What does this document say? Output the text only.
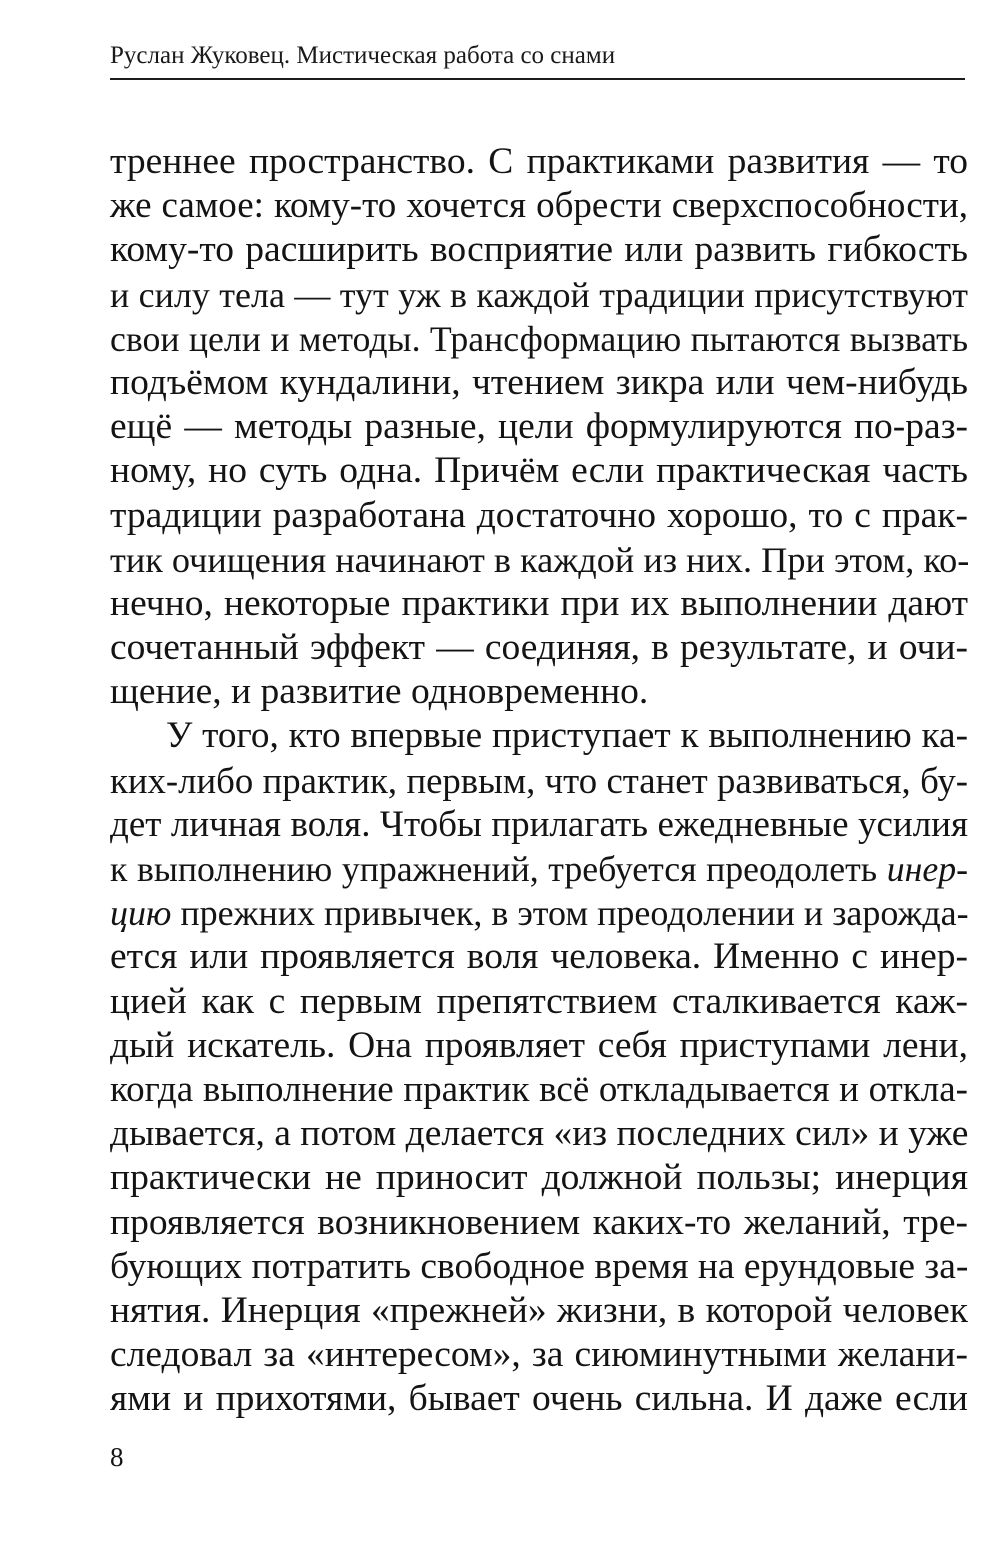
Руслан Жуковец. Мистическая работа со снами
треннее пространство. С практиками развития — то
же самое: кому-то хочется обрести сверхспособности,
кому-то расширить восприятие или развить гибкость
и силу тела — тут уж в каждой традиции присутствуют
свои цели и методы. Трансформацию пытаются вызвать
подъёмом кундалини, чтением зикра или чем-нибудь
ещё — методы разные, цели формулируются по-раз-
ному, но суть одна. Причём если практическая часть
традиции разработана достаточно хорошо, то с прак-
тик очищения начинают в каждой из них. При этом, ко-
нечно, некоторые практики при их выполнении дают
сочетанный эффект — соединяя, в результате, и очи-
щение, и развитие одновременно.
У того, кто впервые приступает к выполнению ка-
ких-либо практик, первым, что станет развиваться, бу-
дет личная воля. Чтобы прилагать ежедневные усилия
к выполнению упражнений, требуется преодолеть инер-
цию прежних привычек, в этом преодолении и зарожда-
ется или проявляется воля человека. Именно с инер-
цией как с первым препятствием сталкивается каж-
дый искатель. Она проявляет себя приступами лени,
когда выполнение практик всё откладывается и откла-
дывается, а потом делается «из последних сил» и уже
практически не приносит должной пользы; инерция
проявляется возникновением каких-то желаний, тре-
бующих потратить свободное время на ерундовые за-
нятия. Инерция «прежней» жизни, в которой человек
следовал за «интересом», за сиюминутными желани-
ями и прихотями, бывает очень сильна. И даже если
8
